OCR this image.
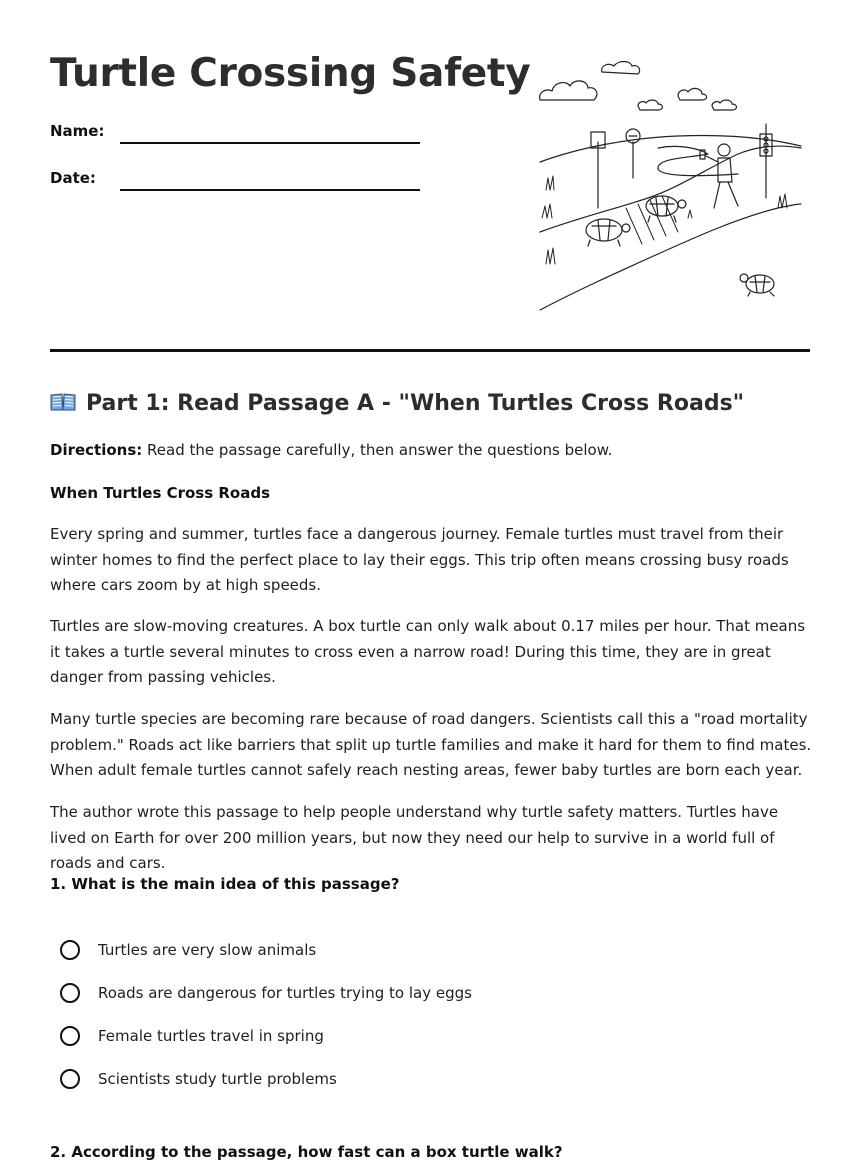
Turtle Crossing Safety
Name:
Date:
Part 1: Read Passage A - "When Turtles Cross Roads"

Directions: Read the passage carefully, then answer the questions below.

When Turtles Cross Roads

Every spring and summer, turtles face a dangerous journey. Female turtles must travel from their winter homes to find the perfect place to lay their eggs. This trip often means crossing busy roads where cars zoom by at high speeds.

Turtles are slow-moving creatures. A box turtle can only walk about 0.17 miles per hour. That means it takes a turtle several minutes to cross even a narrow road! During this time, they are in great danger from passing vehicles.

Many turtle species are becoming rare because of road dangers. Scientists call this a "road mortality problem." Roads act like barriers that split up turtle families and make it hard for them to find mates. When adult female turtles cannot safely reach nesting areas, fewer baby turtles are born each year.

The author wrote this passage to help people understand why turtle safety matters. Turtles have lived on Earth for over 200 million years, but now they need our help to survive in a world full of roads and cars.

1. What is the main idea of this passage?
Turtles are very slow animals
Roads are dangerous for turtles trying to lay eggs
Female turtles travel in spring
Scientists study turtle problems
2. According to the passage, how fast can a box turtle walk?
